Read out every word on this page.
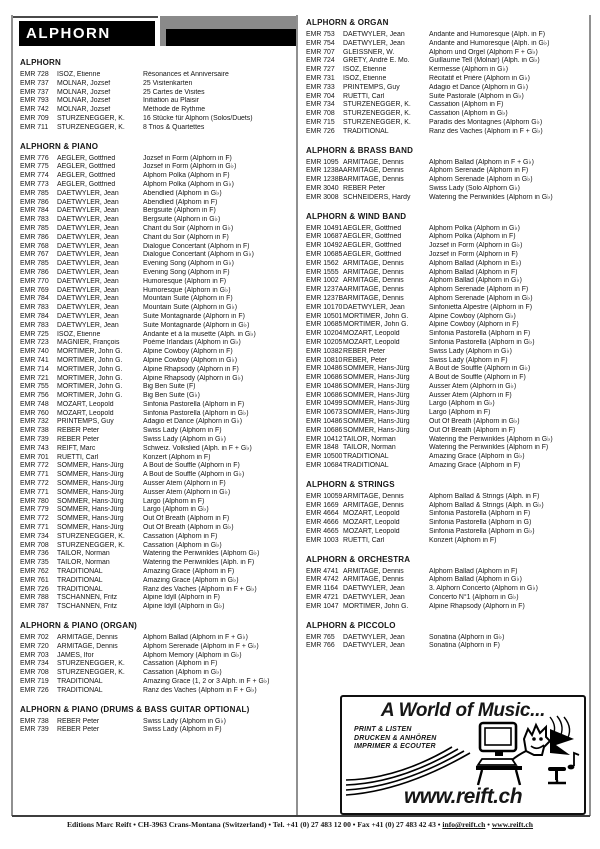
ALPHORN
ALPHORN
EMR 728	ISOZ, Etienne	Résonances et Anniversaire
EMR 737	MOLNAR, Jozsef	25 Visitenkarten
EMR 737	MOLNAR, Jozsef	25 Cartes de Visites
EMR 793	MOLNAR, Jozsef	Initiation au Plaisir
EMR 742	MOLNAR, Jozsef	Méthode de Rythme
EMR 709	STURZENEGGER, K.	16 Stücke für Alphorn (Solos/Duets)
EMR 711	STURZENEGGER, K.	8 Trios & Quartettes
ALPHORN & PIANO
EMR 776	AEGLER, Gottfried	Jozsef in Form (Alphorn in F)
EMR 775	AEGLER, Gottfried	Jozsef in Form (Alphorn in G♭)
EMR 774	AEGLER, Gottfried	Alphorn Polka (Alphorn in F)
EMR 773	AEGLER, Gottfried	Alphorn Polka (Alphorn in G♭)
EMR 785	DAETWYLER, Jean	Abendlied (Alphorn in G♭)
EMR 786	DAETWYLER, Jean	Abendlied (Alphorn in F)
EMR 784	DAETWYLER, Jean	Bergsuite (Alphorn in F)
EMR 783	DAETWYLER, Jean	Bergsuite (Alphorn in G♭)
EMR 785	DAETWYLER, Jean	Chant du Soir (Alphorn in G♭)
EMR 786	DAETWYLER, Jean	Chant du Soir (Alphorn in F)
EMR 768	DAETWYLER, Jean	Dialogue Concertant (Alphorn in F)
EMR 767	DAETWYLER, Jean	Dialogue Concertant (Alphorn in G♭)
EMR 785	DAETWYLER, Jean	Evening Song (Alphorn in G♭)
EMR 786	DAETWYLER, Jean	Evening Song (Alphorn in F)
EMR 770	DAETWYLER, Jean	Humoresque (Alphorn in F)
EMR 769	DAETWYLER, Jean	Humoresque (Alphorn in G♭)
EMR 784	DAETWYLER, Jean	Mountain Suite (Alphorn in F)
EMR 783	DAETWYLER, Jean	Mountain Suite (Alphorn in G♭)
EMR 784	DAETWYLER, Jean	Suite Montagnarde (Alphorn in F)
EMR 783	DAETWYLER, Jean	Suite Montagnarde (Alphorn in G♭)
EMR 725	ISOZ, Etienne	Andante et à la musette (Alph. in G♭)
EMR 723	MAGNIER, François	Poème Irlandais (Alphorn in G♭)
EMR 740	MORTIMER, John G.	Alpine Cowboy (Alphorn in F)
EMR 741	MORTIMER, John G.	Alpine Cowboy (Alphorn in G♭)
EMR 714	MORTIMER, John G.	Alpine Rhapsody (Alphorn in F)
EMR 721	MORTIMER, John G.	Alpine Rhapsody (Alphorn in G♭)
EMR 755	MORTIMER, John G.	Big Ben Suite (F)
EMR 756	MORTIMER, John G.	Big Ben Suite (G♭)
EMR 748	MOZART, Leopold	Sinfonia Pastorella (Alphorn in F)
EMR 760	MOZART, Leopold	Sinfonia Pastorella (Alphorn in G♭)
EMR 732	PRINTEMPS, Guy	Adagio et Dance (Alphorn in G♭)
EMR 738	REBER Peter	Swiss Lady (Alphorn in F)
EMR 739	REBER Peter	Swiss Lady (Alphorn in G♭)
EMR 743	REIFT, Marc	Schweiz. Volkslied (Alph. in F + G♭)
EMR 701	RUETTI, Carl	Konzert (Alphorn in F)
EMR 772	SOMMER, Hans-Jürg	A Bout de Souffle (Alphorn in F)
EMR 771	SOMMER, Hans-Jürg	A Bout de Souffle (Alphorn in G♭)
EMR 772	SOMMER, Hans-Jürg	Ausser Atem (Alphorn in F)
EMR 771	SOMMER, Hans-Jürg	Ausser Atem (Alphorn in G♭)
EMR 780	SOMMER, Hans-Jürg	Largo (Alphorn in F)
EMR 779	SOMMER, Hans-Jürg	Largo (Alphorn in G♭)
EMR 772	SOMMER, Hans-Jürg	Out Of Breath (Alphorn in F)
EMR 771	SOMMER, Hans-Jürg	Out Of Breath (Alphorn in G♭)
EMR 734	STURZENEGGER, K.	Cassation (Alphorn in F)
EMR 708	STURZENEGGER, K.	Cassation (Alphorn in G♭)
EMR 736	TAILOR, Norman	Watering the Periwinkles (Alphorn G♭)
EMR 735	TAILOR, Norman	Watering the Periwinkles (Alph. in F)
EMR 762	TRADITIONAL	Amazing Grace (Alphorn in F)
EMR 761	TRADITIONAL	Amazing Grace (Alphorn in G♭)
EMR 726	TRADITIONAL	Ranz des Vaches (Alphorn in F + G♭)
EMR 788	TSCHANNEN, Fritz	Alpine Idyll (Alphorn in F)
EMR 787	TSCHANNEN, Fritz	Alpine Idyll (Alphorn in G♭)
ALPHORN & PIANO (ORGAN)
EMR 702	ARMITAGE, Dennis	Alphorn Ballad (Alphorn in F + G♭)
EMR 720	ARMITAGE, Dennis	Alphorn Serenade (Alphorn in F + G♭)
EMR 703	JAMES, Ifor	Alphorn Memory (Alphorn in G♭)
EMR 734	STURZENEGGER, K.	Cassation (Alphorn in F)
EMR 708	STURZENEGGER, K.	Cassation (Alphorn in G♭)
EMR 719	TRADITIONAL	Amazing Grace (1, 2 or 3 Alph. in F + G♭)
EMR 726	TRADITIONAL	Ranz des Vaches (Alphorn in F + G♭)
ALPHORN & PIANO (DRUMS & BASS GUITAR OPTIONAL)
EMR 738	REBER Peter	Swiss Lady (Alphorn in G♭)
EMR 739	REBER Peter	Swiss Lady (Alphorn in F)
ALPHORN & ORGAN
EMR 753	DAETWYLER, Jean	Andante and Humoresque (Alph. in F)
EMR 754	DAETWYLER, Jean	Andante and Humoresque (Alph. in G♭)
EMR 707	GLEISSNER, W.	Alphorn und Orgel (Alphorn F + G♭)
EMR 724	GRETY, André E. Mo.	Guillaume Tell (Molnar) (Alph. in G♭)
EMR 727	ISOZ, Etienne	Kermesse (Alphorn in G♭)
EMR 731	ISOZ, Etienne	Récitatif et Prière (Alphorn in G♭)
EMR 733	PRINTEMPS, Guy	Adagio et Dance (Alphorn in G♭)
EMR 704	RUETTI, Carl	Suite Pastorale (Alphorn in G♭)
EMR 734	STURZENEGGER, K.	Cassation (Alphorn in F)
EMR 708	STURZENEGGER, K.	Cassation (Alphorn in G♭)
EMR 715	STURZENEGGER, K.	Paradis des Montagnes (Alphorn G♭)
EMR 726	TRADITIONAL	Ranz des Vaches (Alphorn in F + G♭)
ALPHORN & BRASS BAND
EMR 1095 ARMITAGE, Dennis	Alphorn Ballad (Alphorn in F + G♭)
EMR 1238A ARMITAGE, Dennis	Alphorn Serenade (Alphorn in F)
EMR 1238B ARMITAGE, Dennis	Alphorn Serenade (Alphorn in G♭)
EMR 3040 REBER Peter	Swiss Lady (Solo Alphorn G♭)
EMR 3008 SCHNEIDERS, Hardy	Watering the Periwinkles (Alphorn in G♭)
ALPHORN & WIND BAND
EMR 10491 AEGLER, Gottfried	Alphorn Polka (Alphorn in G♭)
EMR 10687 AEGLER, Gottfried	Alphorn Polka (Alphorn in F)
EMR 10492 AEGLER, Gottfried	Jozsef in Form (Alphorn in G♭)
EMR 10685 AEGLER, Gottfried	Jozsef in Form (Alphorn in F)
EMR 1562 ARMITAGE, Dennis	Alphorn Ballad (Alphorn in E♭)
EMR 1555 ARMITAGE, Dennis	Alphorn Ballad (Alphorn in F)
EMR 1002 ARMITAGE, Dennis	Alphorn Ballad (Alphorn in G♭)
EMR 1237A ARMITAGE, Dennis	Alphorn Serenade (Alphorn in F)
EMR 1237B ARMITAGE, Dennis	Alphorn Serenade (Alphorn in G♭)
EMR 10170 DAETWYLER, Jean	Sinfonietta Alpestre (Alphorn in F)
EMR 10501 MORTIMER, John G.	Alpine Cowboy (Alphorn G♭)
EMR 10685 MORTIMER, John G.	Alpine Cowboy (Alphorn in F)
EMR 10204 MOZART, Leopold	Sinfonia Pastorella (Alphorn in F)
EMR 10205 MOZART, Leopold	Sinfonia Pastorella (Alphorn in G♭)
EMR 10382 REBER Peter	Swiss Lady (Alphorn in G♭)
EMR 10810 REBER, Peter	Swiss Lady (Alphorn in F)
EMR 10486 SOMMER, Hans-Jürg	A Bout de Souffle (Alphorn in G♭)
EMR 10686 SOMMER, Hans-Jürg	A Bout de Souffle (Alphorn in F)
EMR 10486 SOMMER, Hans-Jürg	Ausser Atem (Alphorn in G♭)
EMR 10686 SOMMER, Hans-Jürg	Ausser Atem (Alphorn in F)
EMR 10499 SOMMER, Hans-Jürg	Largo (Alphorn in G♭)
EMR 10673 SOMMER, Hans-Jürg	Largo (Alphorn in F)
EMR 10486 SOMMER, Hans-Jürg	Out Of Breath (Alphorn in G♭)
EMR 10686 SOMMER, Hans-Jürg	Out Of Breath (Alphorn in F)
EMR 10412 TAILOR, Norman	Watering the Periwinkles (Alphorn in G♭)
EMR 1848 TAILOR, Norman	Watering the Periwinkles (Alphorn in F)
EMR 10500 TRADITIONAL	Amazing Grace (Alphorn in G♭)
EMR 10684 TRADITIONAL	Amazing Grace (Alphorn in F)
ALPHORN & STRINGS
EMR 10059 ARMITAGE, Dennis	Alphorn Ballad & Strings (Alph. in F)
EMR 1669 ARMITAGE, Dennis	Alphorn Ballad & Strings (Alph. in G♭)
EMR 4664 MOZART, Leopold	Sinfonia Pastorella (Alphorn in F)
EMR 4666 MOZART, Leopold	Sinfonia Pastorella (Alphorn in G)
EMR 4665 MOZART, Leopold	Sinfonia Pastorella (Alphorn in G♭)
EMR 1003 RUETTI, Carl	Konzert (Alphorn in F)
ALPHORN & ORCHESTRA
EMR 4741 ARMITAGE, Dennis	Alphorn Ballad (Alphorn in F)
EMR 4742 ARMITAGE, Dennis	Alphorn Ballad (Alphorn in G♭)
EMR 1164 DAETWYLER, Jean	3. Alphorn Concerto (Alphorn in G♭)
EMR 4721 DAETWYLER, Jean	Concerto N°1 (Alphorn in G♭)
EMR 1047 MORTIMER, John G.	Alpine Rhapsody (Alphorn in F)
ALPHORN & PICCOLO
EMR 765	DAETWYLER, Jean	Sonatina (Alphorn in G♭)
EMR 766	DAETWYLER, Jean	Sonatina (Alphorn in F)
A World of Music...
PRINT & LISTEN
DRUCKEN & ANHÖREN
IMPRIMER & ECOUTER
www.reift.ch
Editions Marc Reift • CH-3963 Crans-Montana (Switzerland) • Tel. +41 (0) 27 483 12 00 • Fax +41 (0) 27 483 42 43 • info@reift.ch • www.reift.ch
